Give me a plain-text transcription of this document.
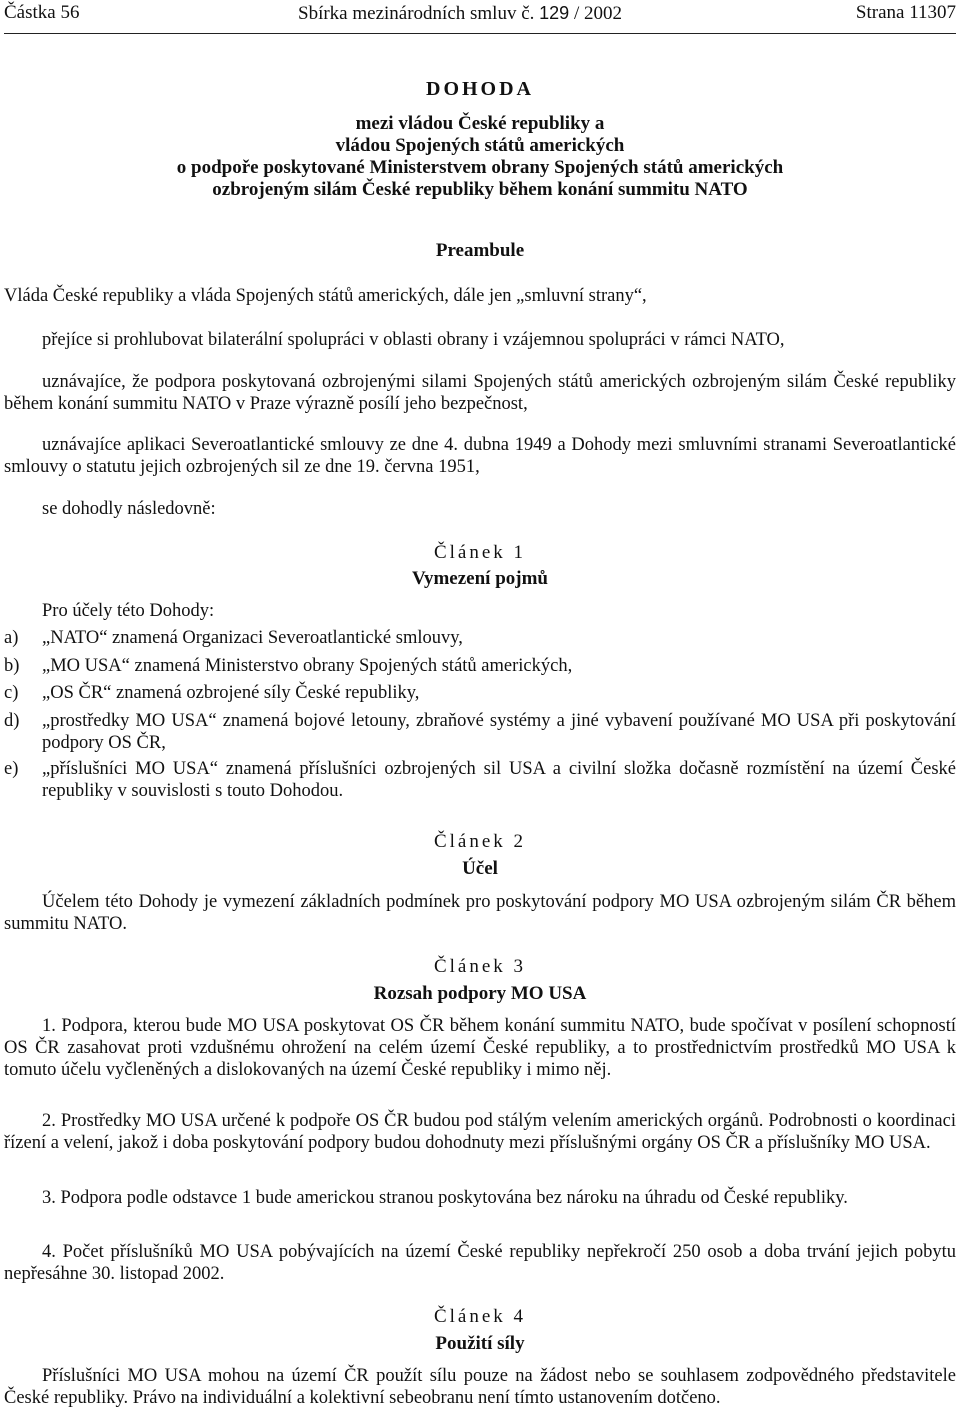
Částka 56	Sbírka mezinárodních smluv č. 129 / 2002	Strana 11307
DOHODA
mezi vládou České republiky a
vládou Spojených států amerických
o podpoře poskytované Ministerstvem obrany Spojených států amerických
ozbrojeným silám České republiky během konání summitu NATO
Preambule
Vláda České republiky a vláda Spojených států amerických, dále jen „smluvní strany“,
přejíce si prohlubovat bilaterální spolupráci v oblasti obrany i vzájemnou spolupráci v rámci NATO,
uznávajíce, že podpora poskytovaná ozbrojenými silami Spojených států amerických ozbrojeným silám České republiky během konání summitu NATO v Praze výrazně posílí jeho bezpečnost,
uznávajíce aplikaci Severoatlantické smlouvy ze dne 4. dubna 1949 a Dohody mezi smluvními stranami Severoatlantické smlouvy o statutu jejich ozbrojených sil ze dne 19. června 1951,
se dohodly následovně:
Článek 1
Vymezení pojmů
Pro účely této Dohody:
a)	„NATO“ znamená Organizaci Severoatlantické smlouvy,
b)	„MO USA“ znamená Ministerstvo obrany Spojených států amerických,
c)	„OS ČR“ znamená ozbrojené síly České republiky,
d)	„prostředky MO USA“ znamená bojové letouny, zbraňové systémy a jiné vybavení používané MO USA při poskytování podpory OS ČR,
e)	„příslušníci MO USA“ znamená příslušníci ozbrojených sil USA a civilní složka dočasně rozmístění na území České republiky v souvislosti s touto Dohodou.
Článek 2
Účel
Účelem této Dohody je vymezení základních podmínek pro poskytování podpory MO USA ozbrojeným silám ČR během summitu NATO.
Článek 3
Rozsah podpory MO USA
1. Podpora, kterou bude MO USA poskytovat OS ČR během konání summitu NATO, bude spočívat v posílení schopností OS ČR zasahovat proti vzdušnému ohrožení na celém území České republiky, a to prostřednictvím prostředků MO USA k tomuto účelu vyčleněných a dislokovaných na území České republiky i mimo něj.
2. Prostředky MO USA určené k podpoře OS ČR budou pod stálým velením amerických orgánů. Podrobnosti o koordinaci řízení a velení, jakož i doba poskytování podpory budou dohodnuty mezi příslušnými orgány OS ČR a příslušníky MO USA.
3. Podpora podle odstavce 1 bude americkou stranou poskytována bez nároku na úhradu od České republiky.
4. Počet příslušníků MO USA pobývajících na území České republiky nepřekročí 250 osob a doba trvání jejich pobytu nepřesáhne 30. listopad 2002.
Článek 4
Použití síly
Příslušníci MO USA mohou na území ČR použít sílu pouze na žádost nebo se souhlasem zodpovědného představitele České republiky. Právo na individuální a kolektivní sebeobranu není tímto ustanovením dotčeno.
